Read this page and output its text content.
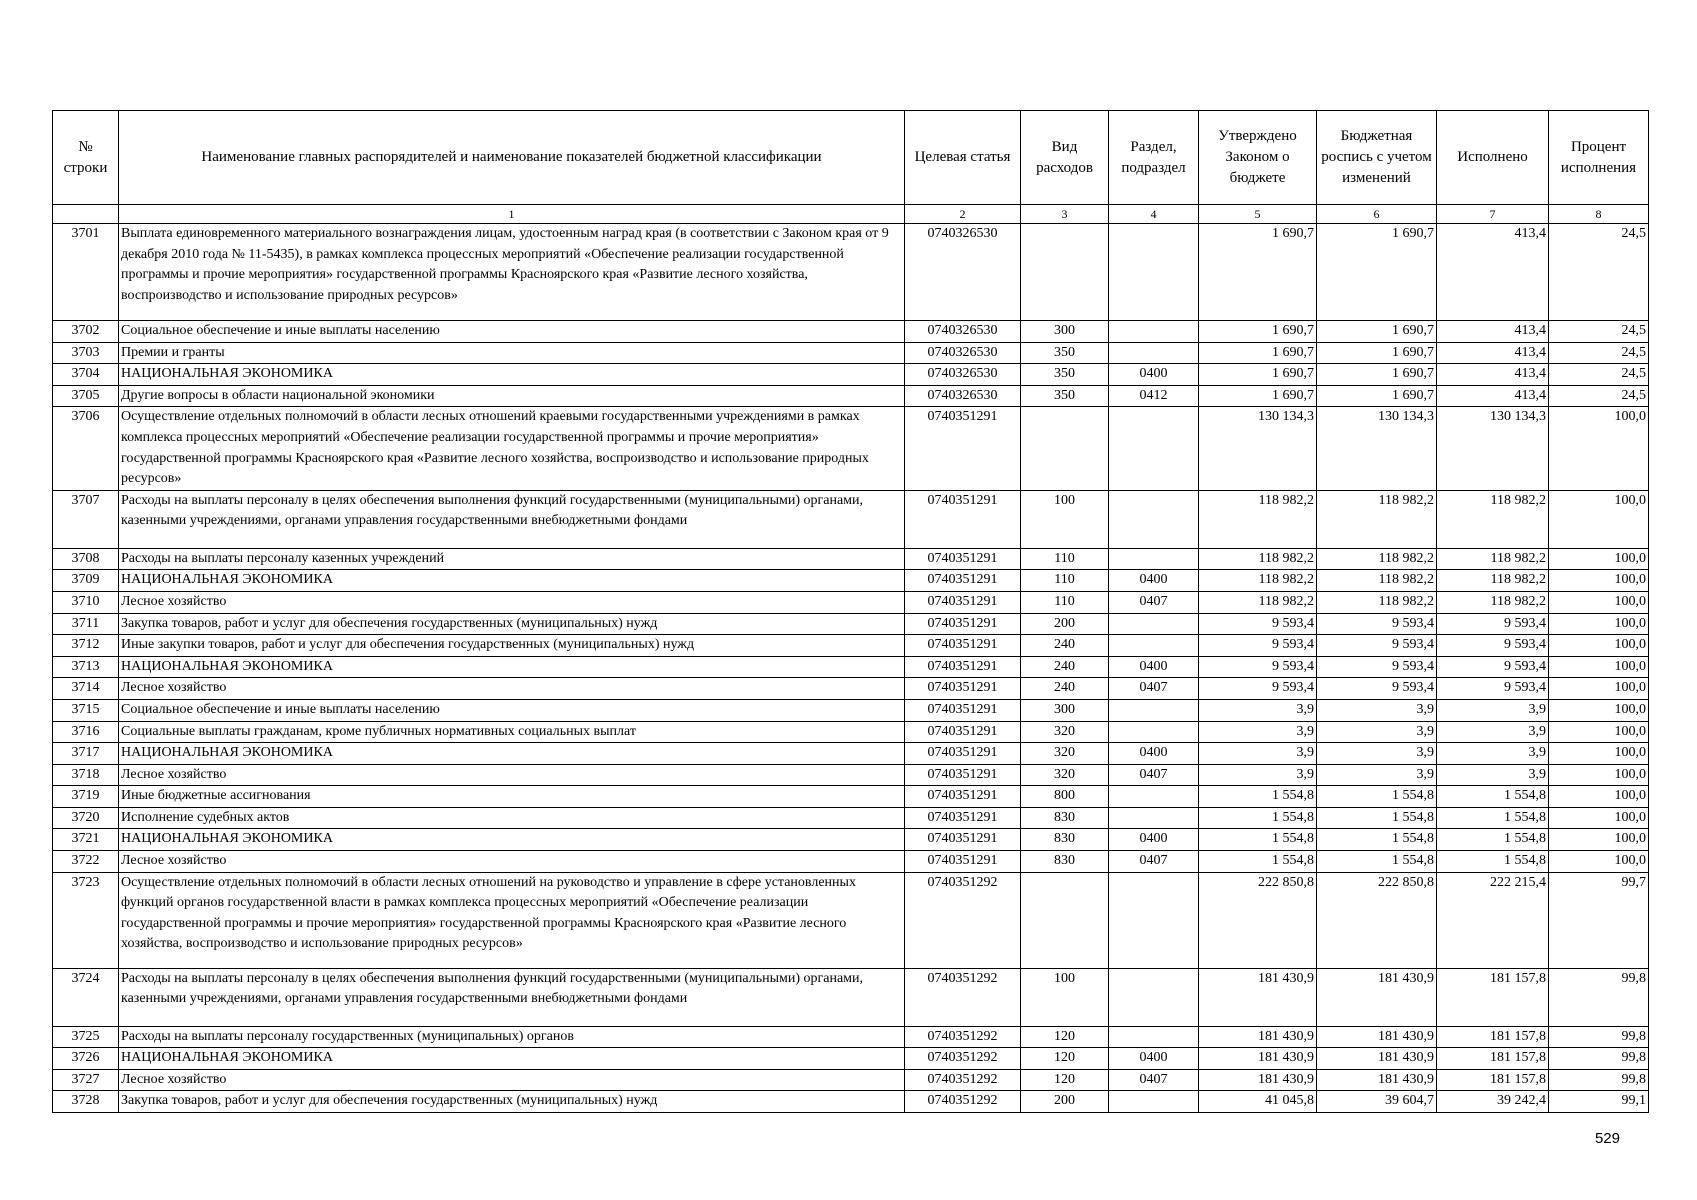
№ строки	Наименование главных распорядителей и наименование показателей бюджетной классификации	Целевая статья	Вид расходов	Раздел, подраздел	Утверждено Законом о бюджете	Бюджетная роспись с учетом изменений	Исполнено	Процент исполнения
	1	2	3	4	5	6	7	8
3701	Выплата единовременного материального вознаграждения лицам, удостоенным наград края (в соответствии с Законом края от 9 декабря 2010 года № 11-5435), в рамках комплекса процессных мероприятий «Обеспечение реализации государственной программы и прочие мероприятия» государственной программы Красноярского края «Развитие лесного хозяйства, воспроизводство и использование природных ресурсов»	0740326530			1 690,7	1 690,7	413,4	24,5
3702	Социальное обеспечение и иные выплаты населению	0740326530	300		1 690,7	1 690,7	413,4	24,5
3703	Премии и гранты	0740326530	350		1 690,7	1 690,7	413,4	24,5
3704	НАЦИОНАЛЬНАЯ ЭКОНОМИКА	0740326530	350	0400	1 690,7	1 690,7	413,4	24,5
3705	Другие вопросы в области национальной экономики	0740326530	350	0412	1 690,7	1 690,7	413,4	24,5
3706	Осуществление отдельных полномочий в области лесных отношений краевыми государственными учреждениями в рамках комплекса процессных мероприятий «Обеспечение реализации государственной программы и прочие мероприятия» государственной программы Красноярского края «Развитие лесного хозяйства, воспроизводство и использование природных ресурсов»	0740351291			130 134,3	130 134,3	130 134,3	100,0
3707	Расходы на выплаты персоналу в целях обеспечения выполнения функций государственными (муниципальными) органами, казенными учреждениями, органами управления государственными внебюджетными фондами	0740351291	100		118 982,2	118 982,2	118 982,2	100,0
3708	Расходы на выплаты персоналу казенных учреждений	0740351291	110		118 982,2	118 982,2	118 982,2	100,0
3709	НАЦИОНАЛЬНАЯ ЭКОНОМИКА	0740351291	110	0400	118 982,2	118 982,2	118 982,2	100,0
3710	Лесное хозяйство	0740351291	110	0407	118 982,2	118 982,2	118 982,2	100,0
3711	Закупка товаров, работ и услуг для обеспечения государственных (муниципальных) нужд	0740351291	200		9 593,4	9 593,4	9 593,4	100,0
3712	Иные закупки товаров, работ и услуг для обеспечения государственных (муниципальных) нужд	0740351291	240		9 593,4	9 593,4	9 593,4	100,0
3713	НАЦИОНАЛЬНАЯ ЭКОНОМИКА	0740351291	240	0400	9 593,4	9 593,4	9 593,4	100,0
3714	Лесное хозяйство	0740351291	240	0407	9 593,4	9 593,4	9 593,4	100,0
3715	Социальное обеспечение и иные выплаты населению	0740351291	300		3,9	3,9	3,9	100,0
3716	Социальные выплаты гражданам, кроме публичных нормативных социальных выплат	0740351291	320		3,9	3,9	3,9	100,0
3717	НАЦИОНАЛЬНАЯ ЭКОНОМИКА	0740351291	320	0400	3,9	3,9	3,9	100,0
3718	Лесное хозяйство	0740351291	320	0407	3,9	3,9	3,9	100,0
3719	Иные бюджетные ассигнования	0740351291	800		1 554,8	1 554,8	1 554,8	100,0
3720	Исполнение судебных актов	0740351291	830		1 554,8	1 554,8	1 554,8	100,0
3721	НАЦИОНАЛЬНАЯ ЭКОНОМИКА	0740351291	830	0400	1 554,8	1 554,8	1 554,8	100,0
3722	Лесное хозяйство	0740351291	830	0407	1 554,8	1 554,8	1 554,8	100,0
3723	Осуществление отдельных полномочий в области лесных отношений на руководство и управление в сфере установленных функций органов государственной власти в рамках комплекса процессных мероприятий «Обеспечение реализации государственной программы и прочие мероприятия» государственной программы Красноярского края «Развитие лесного хозяйства, воспроизводство и использование природных ресурсов»	0740351292			222 850,8	222 850,8	222 215,4	99,7
3724	Расходы на выплаты персоналу в целях обеспечения выполнения функций государственными (муниципальными) органами, казенными учреждениями, органами управления государственными внебюджетными фондами	0740351292	100		181 430,9	181 430,9	181 157,8	99,8
3725	Расходы на выплаты персоналу государственных (муниципальных) органов	0740351292	120		181 430,9	181 430,9	181 157,8	99,8
3726	НАЦИОНАЛЬНАЯ ЭКОНОМИКА	0740351292	120	0400	181 430,9	181 430,9	181 157,8	99,8
3727	Лесное хозяйство	0740351292	120	0407	181 430,9	181 430,9	181 157,8	99,8
3728	Закупка товаров, работ и услуг для обеспечения государственных (муниципальных) нужд	0740351292	200		41 045,8	39 604,7	39 242,4	99,1
529
